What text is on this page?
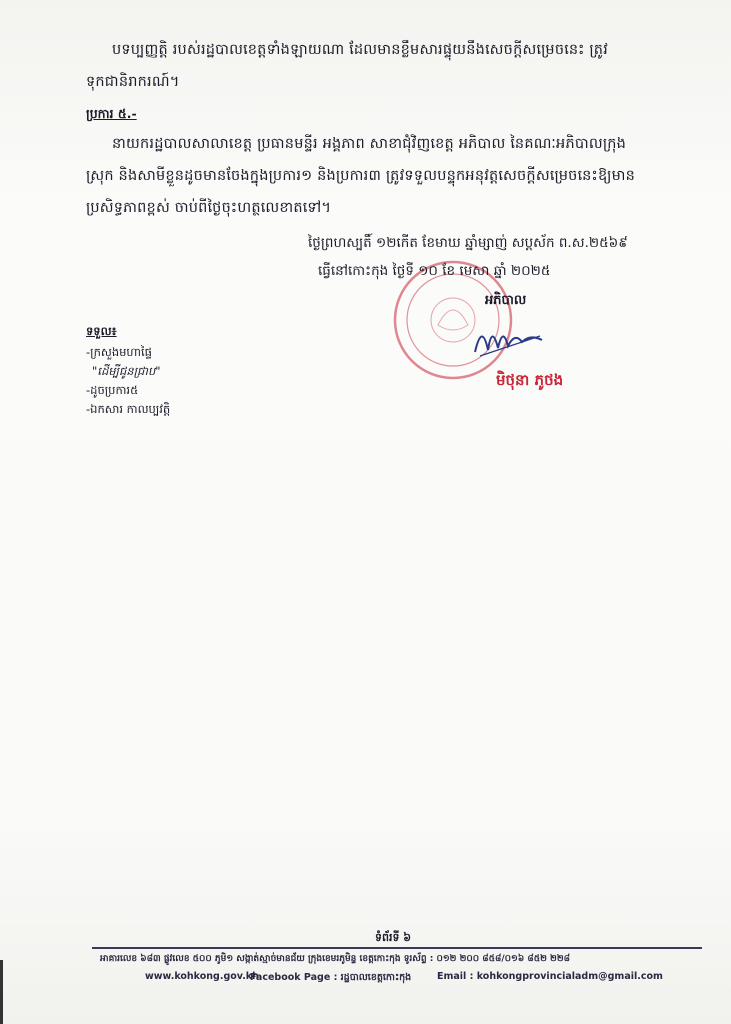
បទប្បញ្ញត្តិ របស់រដ្ឋបាលខេត្តទាំងឡាយណា ដែលមានខ្លឹមសារផ្ទុយនឹងសេចក្តីសម្រេចនេះ ត្រូវ
ទុកជានិរាករណ៍។
ប្រការ ៥.-
នាយករដ្ឋបាលសាលាខេត្ត ប្រធានមន្ទីរ អង្គភាព សាខាជុំវិញខេត្ត អភិបាល នៃគណៈអភិបាលក្រុង
ស្រុក និងសាមីខ្លួនដូចមានចែងក្នុងប្រការ១ និងប្រការ៣ ត្រូវទទួលបន្ទុកអនុវត្តសេចក្តីសម្រេចនេះឱ្យមាន
ប្រសិទ្ធភាពខ្ពស់ ចាប់ពីថ្ងៃចុះហត្ថលេខាតទៅ។
ថ្ងៃព្រហស្បតិ៍ ១២កើត ខែមាឃ ឆ្នាំម្សាញ់ សប្តស័ក ព.ស.២៥៦៩
ធ្វើនៅកោះកុង ថ្ងៃទី ១០ ខែ មេសា ឆ្នាំ ២០២៥
អភិបាល
មិថុនា ភូថង
ទទួល៖
-ក្រសួងមហាផ្ទៃ
"ដើម្បីជូនជ្រាប"
-ដូចប្រការ៥
-ឯកសារ កាលប្បវត្តិ
ទំព័រទី ៦
អាគារលេខ ៦៨៣ ផ្លូវលេខ ៥០០ ភូមិ១ សង្កាត់ស្មាច់មានជ័យ ក្រុងខេមរភូមិន្ទ ខេត្តកោះកុង ទូរស័ព្ទ : ០១២ ២០០ ៨៥៨/០១៦ ៨៥២ ២២៨
www.kohkong.gov.kh
Facebook Page : រដ្ឋបាលខេត្តកោះកុង	Email : kohkongprovincialadm@gmail.com
